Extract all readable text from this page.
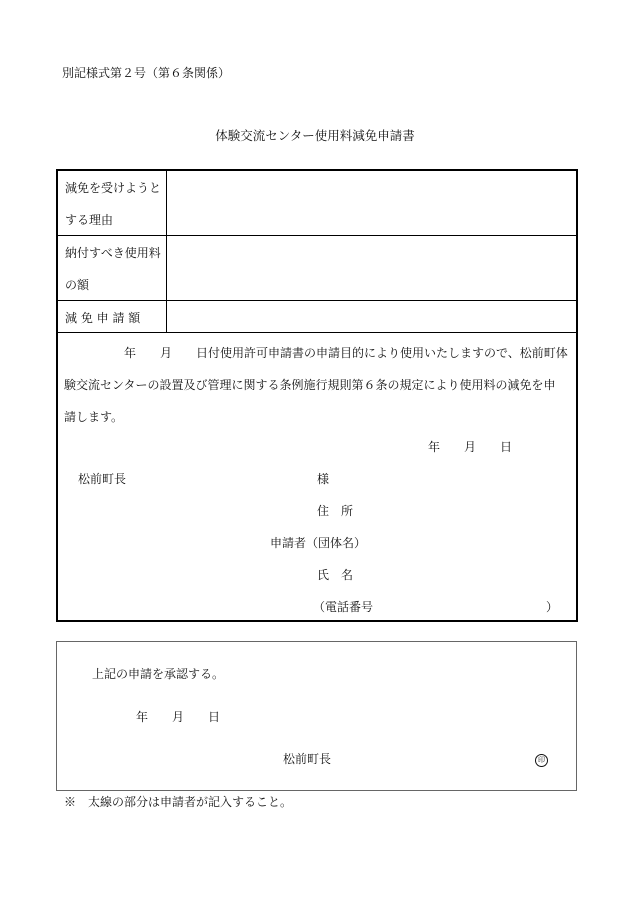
別記様式第２号（第６条関係）
体験交流センター使用料減免申請書
減免を受けようと
する理由
納付すべき使用料
の額
減 免 申 請 額
年　　月　　日付使用許可申請書の申請目的により使用いたしますので、松前町体
験交流センターの設置及び管理に関する条例施行規則第６条の規定により使用料の減免を申
請します。
年　　月　　日
松前町長	様
住　所
申請者（団体名）
氏　名
（電話番号	）
上記の申請を承認する。
年　　月　　日
松前町長	印
※　太線の部分は申請者が記入すること。
